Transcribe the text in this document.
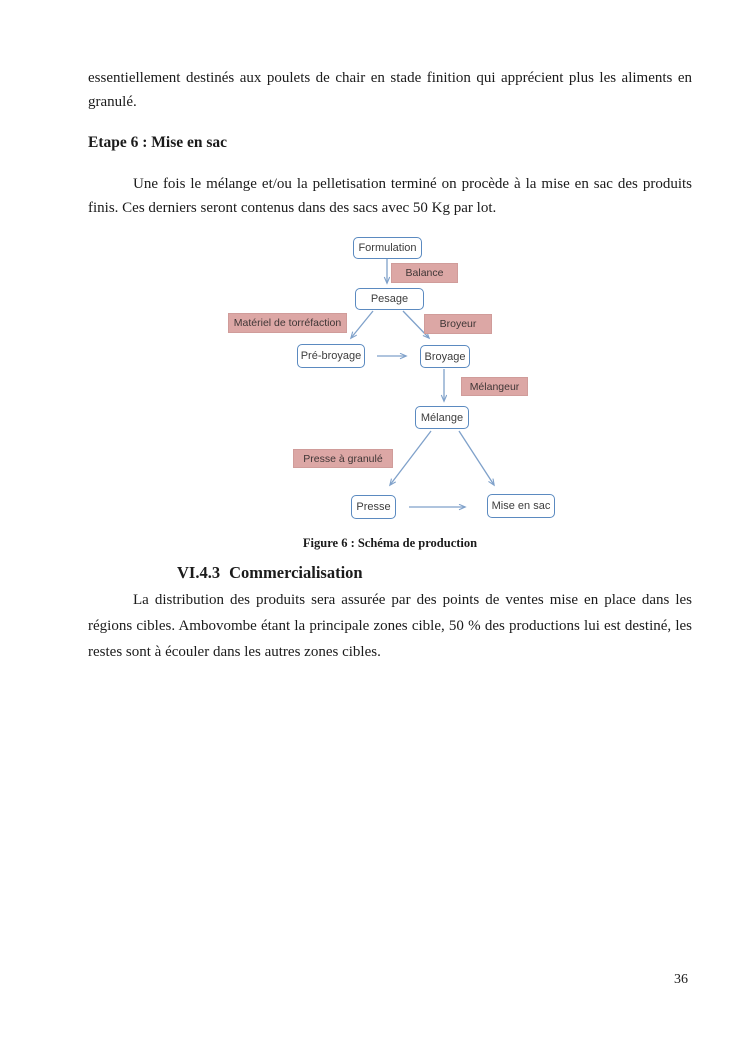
essentiellement destinés aux poulets de chair en stade finition qui apprécient plus les aliments en
granulé.
Etape 6 : Mise en sac
Une fois le mélange et/ou la pelletisation terminé on procède à la mise en sac des produits
finis. Ces derniers seront contenus dans des sacs avec 50 Kg par lot.
Formulation
Balance
Pesage
Matériel de torréfaction	Broyeur
Pré-broyage	Broyage
Mélangeur
Mélange
Presse à granulé
Presse	Mise en sac
Figure 6 : Schéma de production
VI.4.3 Commercialisation
La distribution des produits sera assurée par des points de ventes mise en place dans les
régions cibles. Ambovombe étant la principale zones cible, 50 % des productions lui est destiné, les
restes sont à écouler dans les autres zones cibles.
36
